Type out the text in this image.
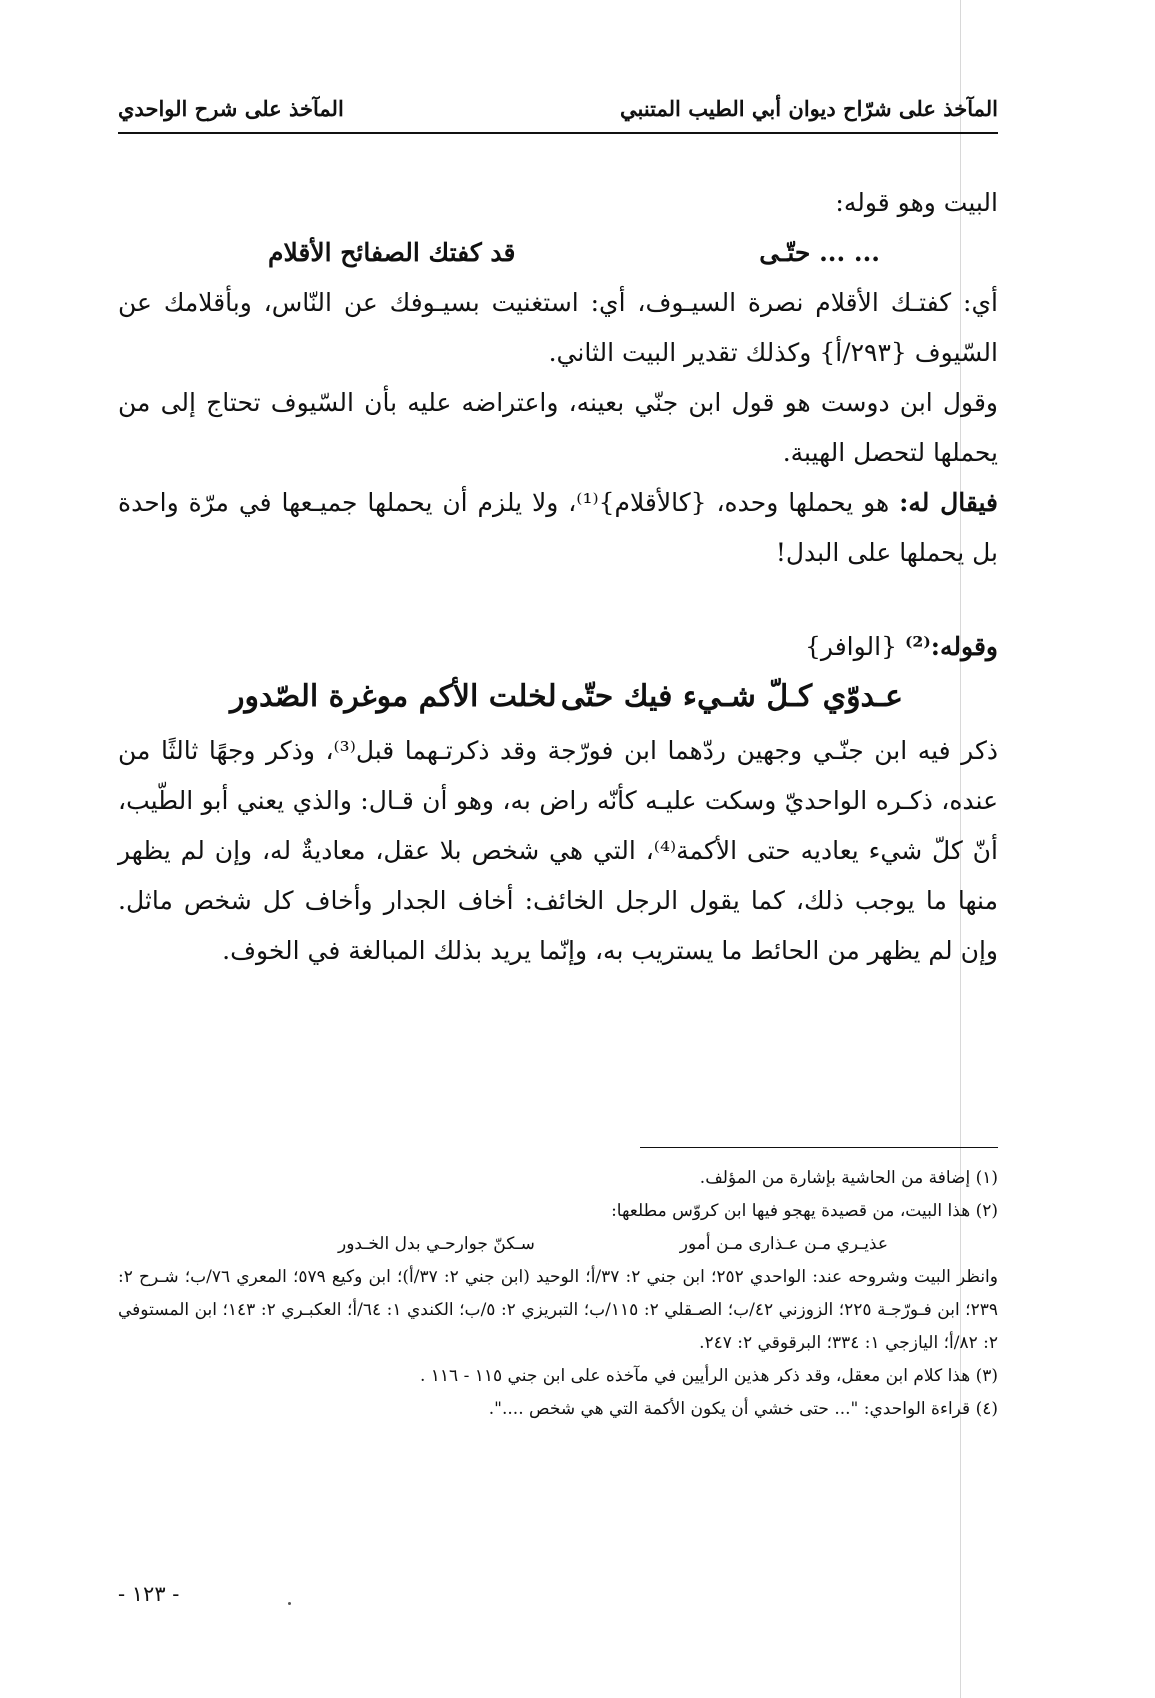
المآخذ على شرّاح ديوان أبي الطيب المتنبي
المآخذ على شرح الواحدي

البيت وهو قوله:

... ... حتّـى
قد كفتك الصفائح الأقلام

أي: كفتـك الأقلام نصرة السيـوف، أي: استغنيت بسيـوفك عن النّاس، وبأقلامك عن السّيوف {٢٩٣/أ} وكذلك تقدير البيت الثاني.

وقول ابن دوست هو قول ابن جنّي بعينه، واعتراضه عليه بأن السّيوف تحتاج إلى من يحملها لتحصل الهيبة.

فيقال له: هو يحملها وحده، {كالأقلام}⁽¹⁾، ولا يلزم أن يحملها جميـعها في مرّة واحدة بل يحملها على البدل!

وقوله:⁽²⁾ {الوافر}

عـدوّي كـلّ شـيء فيك حتّى
لخلت الأكم موغرة الصّدور

ذكر فيه ابن جنّـي وجهين ردّهما ابن فورّجة وقد ذكرتـهما قبل⁽³⁾، وذكر وجهًا ثالثًا من عنده، ذكـره الواحديّ وسكت عليـه كأنّه راض به، وهو أن قـال: والذي يعني أبو الطّيب، أنّ كلّ شيء يعاديه حتى الأكمة⁽⁴⁾، التي هي شخص بلا عقل، معاديةٌ له، وإن لم يظهر منها ما يوجب ذلك، كما يقول الرجل الخائف: أخاف الجدار وأخاف كل شخص ماثل. وإن لم يظهر من الحائط ما يستريب به، وإنّما يريد بذلك المبالغة في الخوف.

(١) إضافة من الحاشية بإشارة من المؤلف.

(٢) هذا البيت، من قصيدة يهجو فيها ابن كروّس مطلعها:

عذيـري مـن عـذارى مـن أمور
سـكنّ جوارحـي بدل الخـدور

وانظر البيت وشروحه عند: الواحدي ٢٥٢؛ ابن جني ٢: ٣٧/أ؛ الوحيد (ابن جني ٢: ٣٧/أ)؛ ابن وكيع ٥٧٩؛ المعري ٧٦/ب؛ شـرح ٢: ٢٣٩؛ ابن فـورّجـة ٢٢٥؛ الزوزني ٤٢/ب؛ الصـقلي ٢: ١١٥/ب؛ التبريزي ٢: ٥/ب؛ الكندي ١: ٦٤/أ؛ العكبـري ٢: ١٤٣؛ ابن المستوفي ٢: ٨٢/أ؛ اليازجي ١: ٣٣٤؛ البرقوقي ٢: ٢٤٧.

(٣) هذا كلام ابن معقل، وقد ذكر هذين الرأيين في مآخذه على ابن جني ١١٥ - ١١٦ .

(٤) قراءة الواحدي: "... حتى خشي أن يكون الأكمة التي هي شخص ....".

- ١٢٣ -
